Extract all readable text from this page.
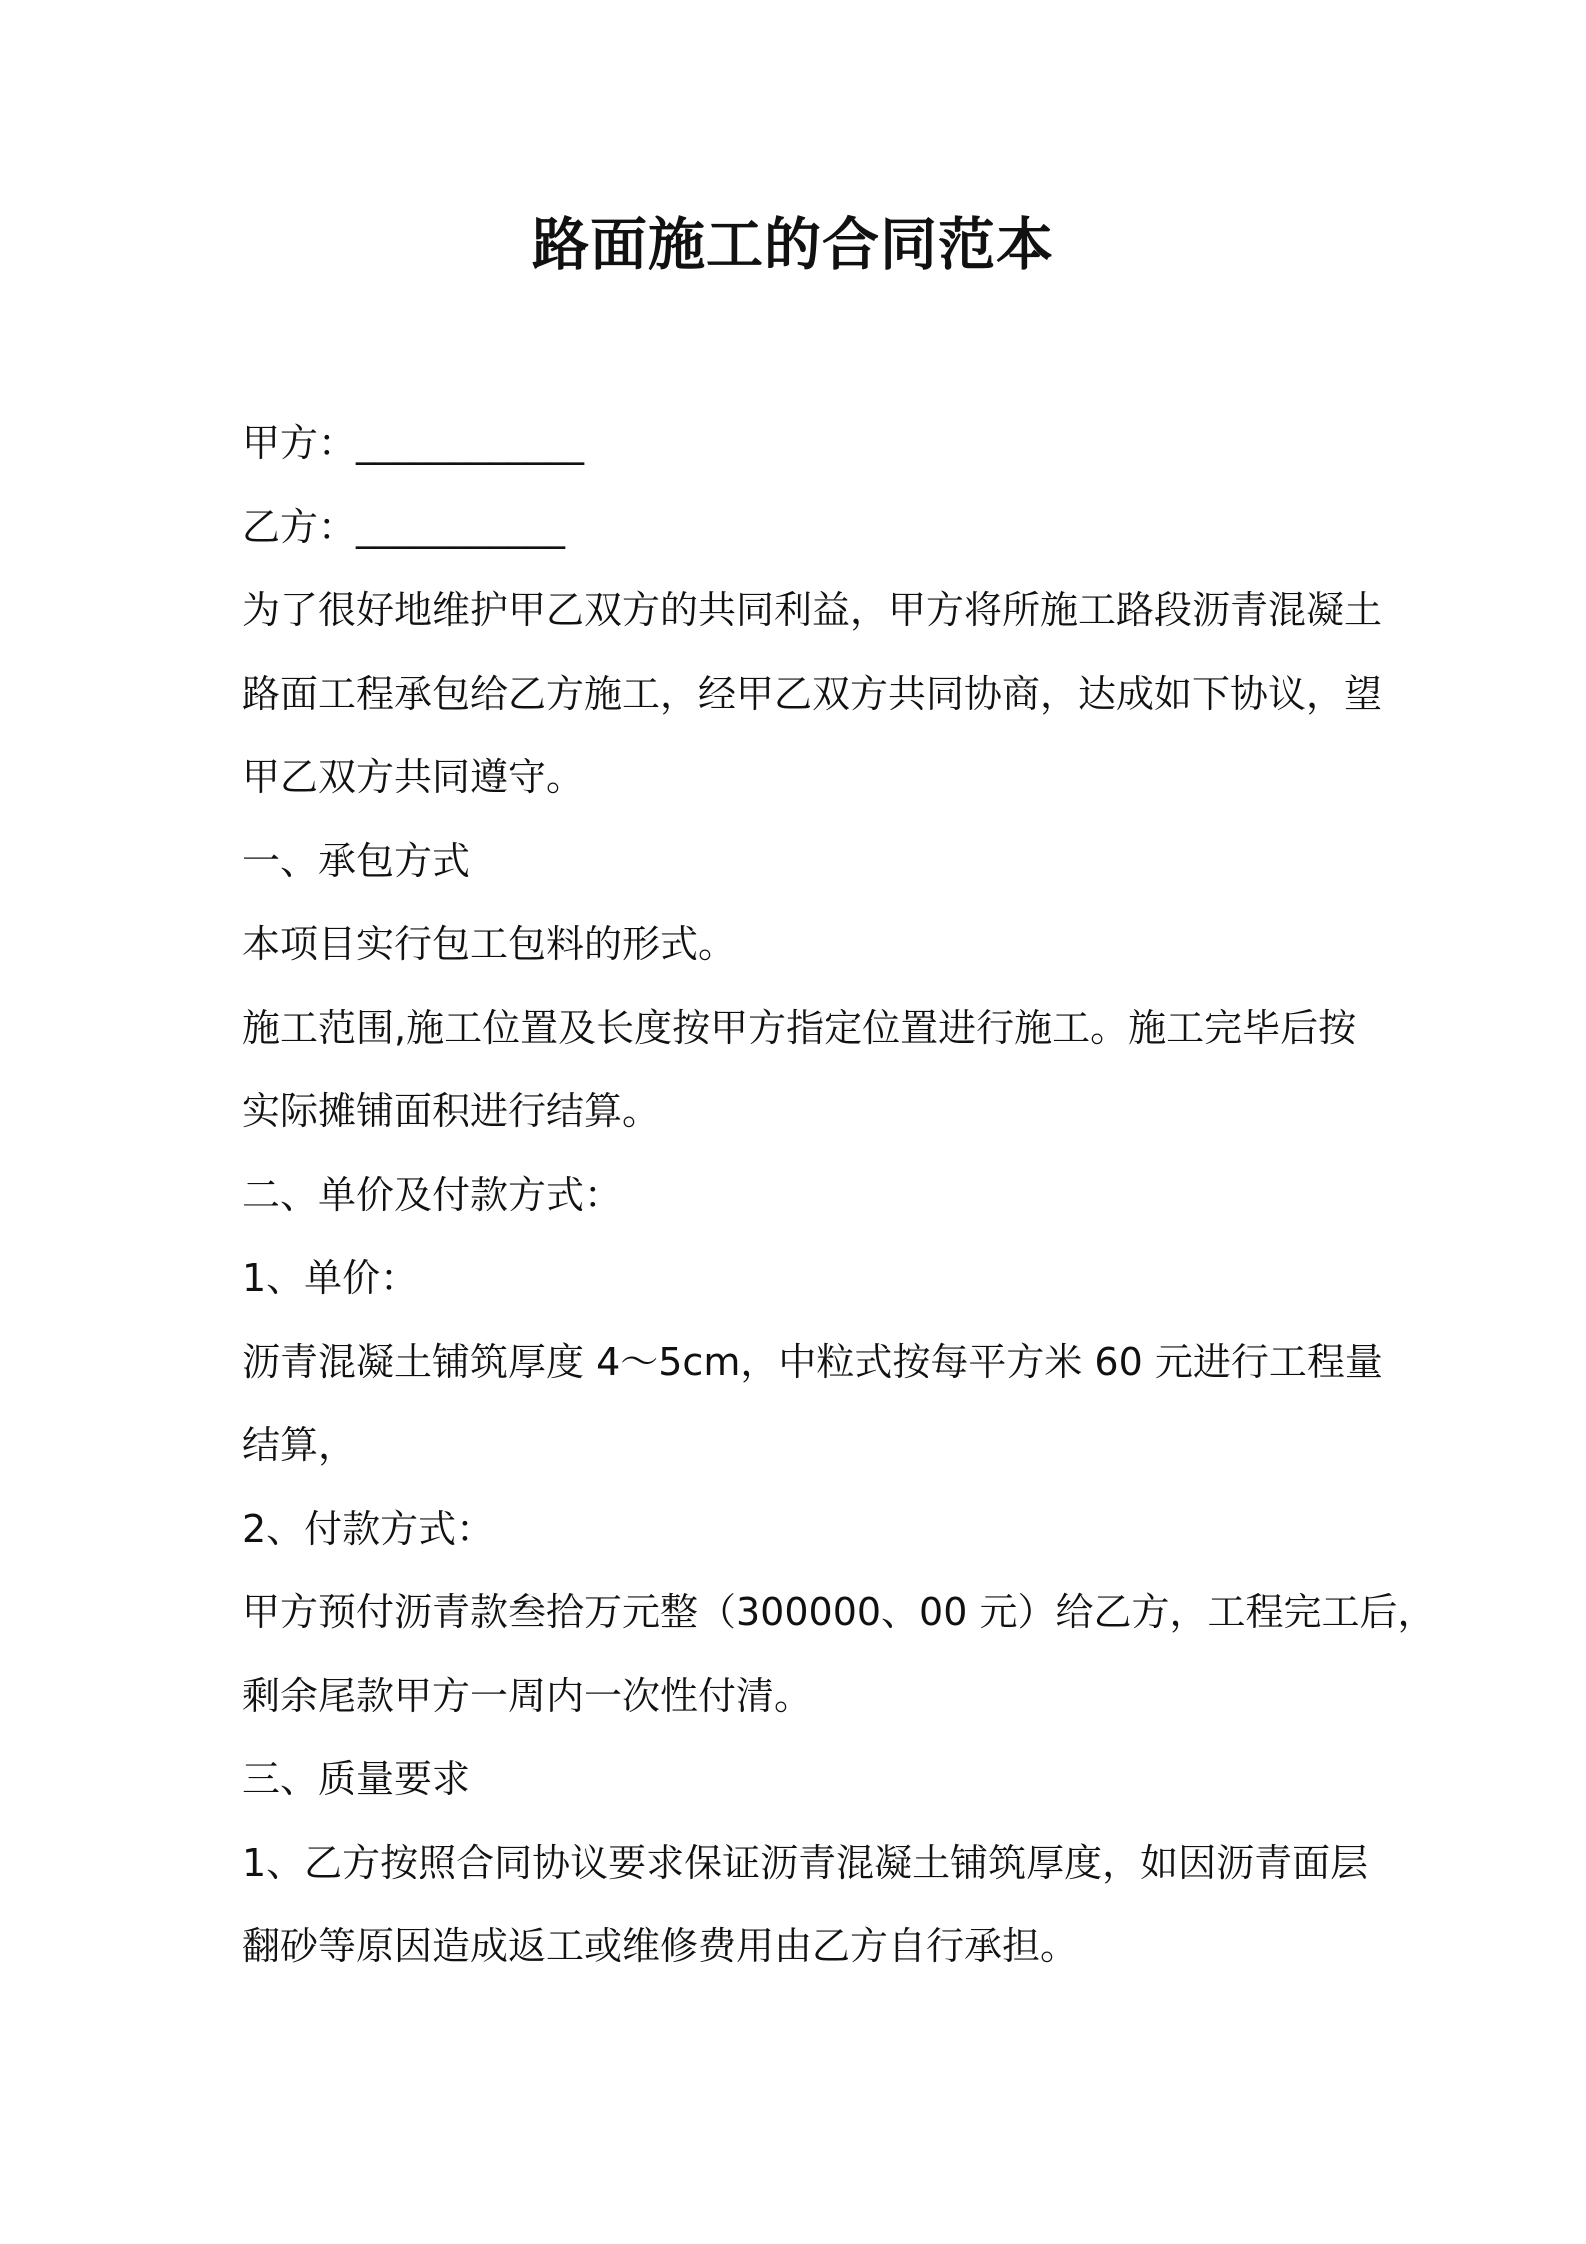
路面施工的合同范本

甲方：____________

乙方：___________

为了很好地维护甲乙双方的共同利益，甲方将所施工路段沥青混凝土

路面工程承包给乙方施工，经甲乙双方共同协商，达成如下协议，望

甲乙双方共同遵守。

一、承包方式

本项目实行包工包料的形式。

施工范围,施工位置及长度按甲方指定位置进行施工。施工完毕后按

实际摊铺面积进行结算。

二、单价及付款方式：

1、单价：

沥青混凝土铺筑厚度 4～5cm，中粒式按每平方米 60 元进行工程量

结算，

2、付款方式：

甲方预付沥青款叁拾万元整（300000、00 元）给乙方，工程完工后，

剩余尾款甲方一周内一次性付清。

三、质量要求

1、乙方按照合同协议要求保证沥青混凝土铺筑厚度，如因沥青面层

翻砂等原因造成返工或维修费用由乙方自行承担。
